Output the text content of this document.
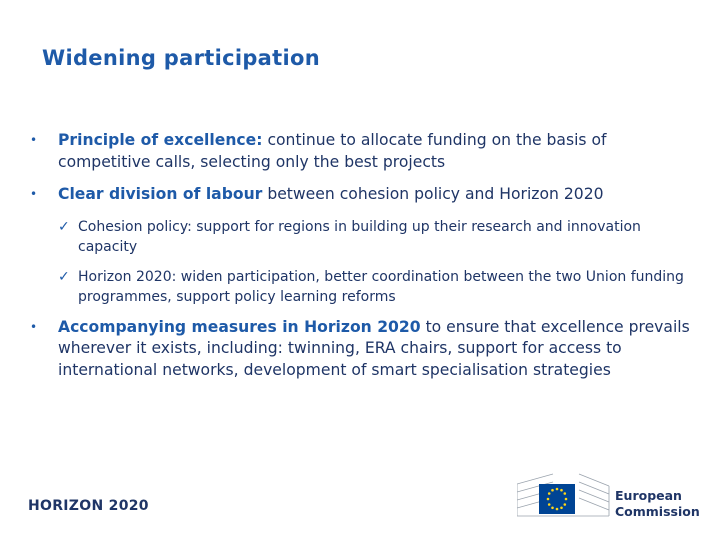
Widening participation
• Principle of excellence: continue to allocate funding on the basis of competitive calls, selecting only the best projects
• Clear division of labour between cohesion policy and Horizon 2020
✓ Cohesion policy: support for regions in building up their research and innovation capacity
✓ Horizon 2020: widen participation, better coordination between the two Union funding programmes, support policy learning reforms
• Accompanying measures in Horizon 2020 to ensure that excellence prevails wherever it exists, including: twinning, ERA chairs, support for access to international networks, development of smart specialisation strategies
HORIZON 2020
European
Commission
